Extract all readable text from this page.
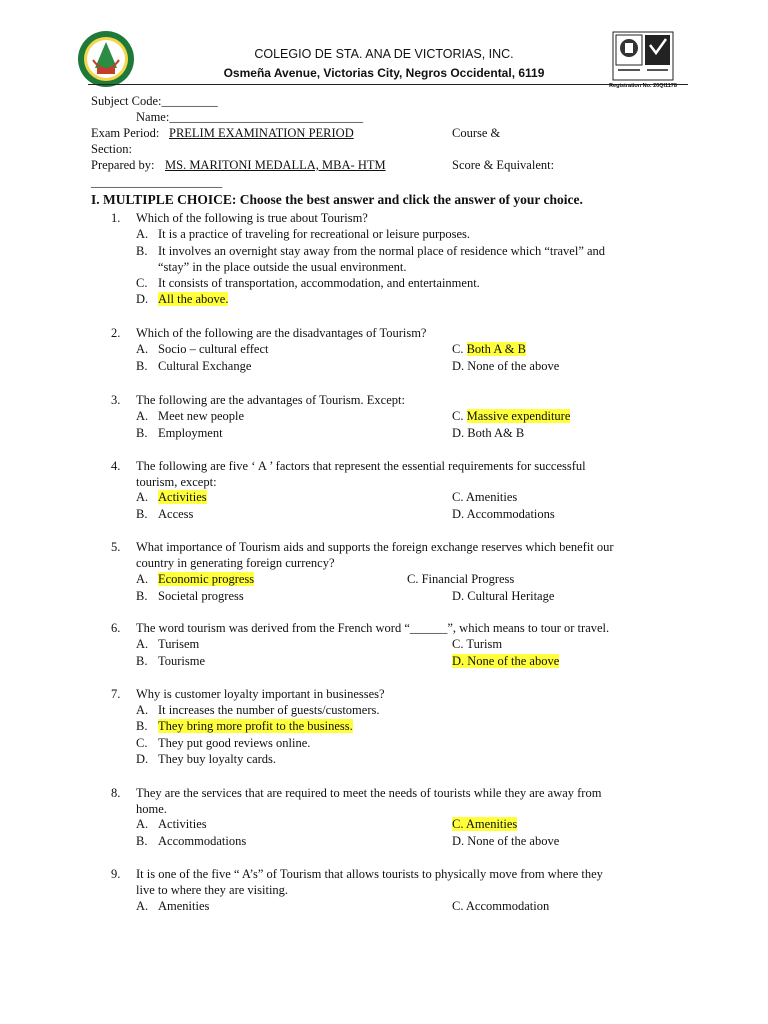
COLEGIO DE STA. ANA DE VICTORIAS, INC.
Osmeña Avenue, Victorias City, Negros Occidental, 6119
Registration No. 20QI1178
Subject Code:_________
Name:_______________________________
Exam Period: PRELIM EXAMINATION PERIOD	Course &
Section:
Prepared by: MS. MARITONI MEDALLA, MBA- HTM	Score & Equivalent:
_____________________
I. MULTIPLE CHOICE: Choose the best answer and click the answer of your choice.
1. Which of the following is true about Tourism?
A. It is a practice of traveling for recreational or leisure purposes.
B. It involves an overnight stay away from the normal place of residence which “travel” and
“stay” in the place outside the usual environment.
C. It consists of transportation, accommodation, and entertainment.
D. All the above.
2. Which of the following are the disadvantages of Tourism?
A. Socio – cultural effect	C. Both A & B
B. Cultural Exchange	D. None of the above
3. The following are the advantages of Tourism. Except:
A. Meet new people	C. Massive expenditure
B. Employment	D. Both A& B
4. The following are five ‘ A ’ factors that represent the essential requirements for successful
tourism, except:
A. Activities	C. Amenities
B. Access	D. Accommodations
5. What importance of Tourism aids and supports the foreign exchange reserves which benefit our
country in generating foreign currency?
A. Economic progress	C. Financial Progress
B. Societal progress	D. Cultural Heritage
6. The word tourism was derived from the French word “______”, which means to tour or travel.
A. Turisem	C. Turism
B. Tourisme	D. None of the above
7. Why is customer loyalty important in businesses?
A. It increases the number of guests/customers.
B. They bring more profit to the business.
C. They put good reviews online.
D. They buy loyalty cards.
8. They are the services that are required to meet the needs of tourists while they are away from
home.
A. Activities	C. Amenities
B. Accommodations	D. None of the above
9. It is one of the five “ A’s” of Tourism that allows tourists to physically move from where they
live to where they are visiting.
A. Amenities	C. Accommodation
